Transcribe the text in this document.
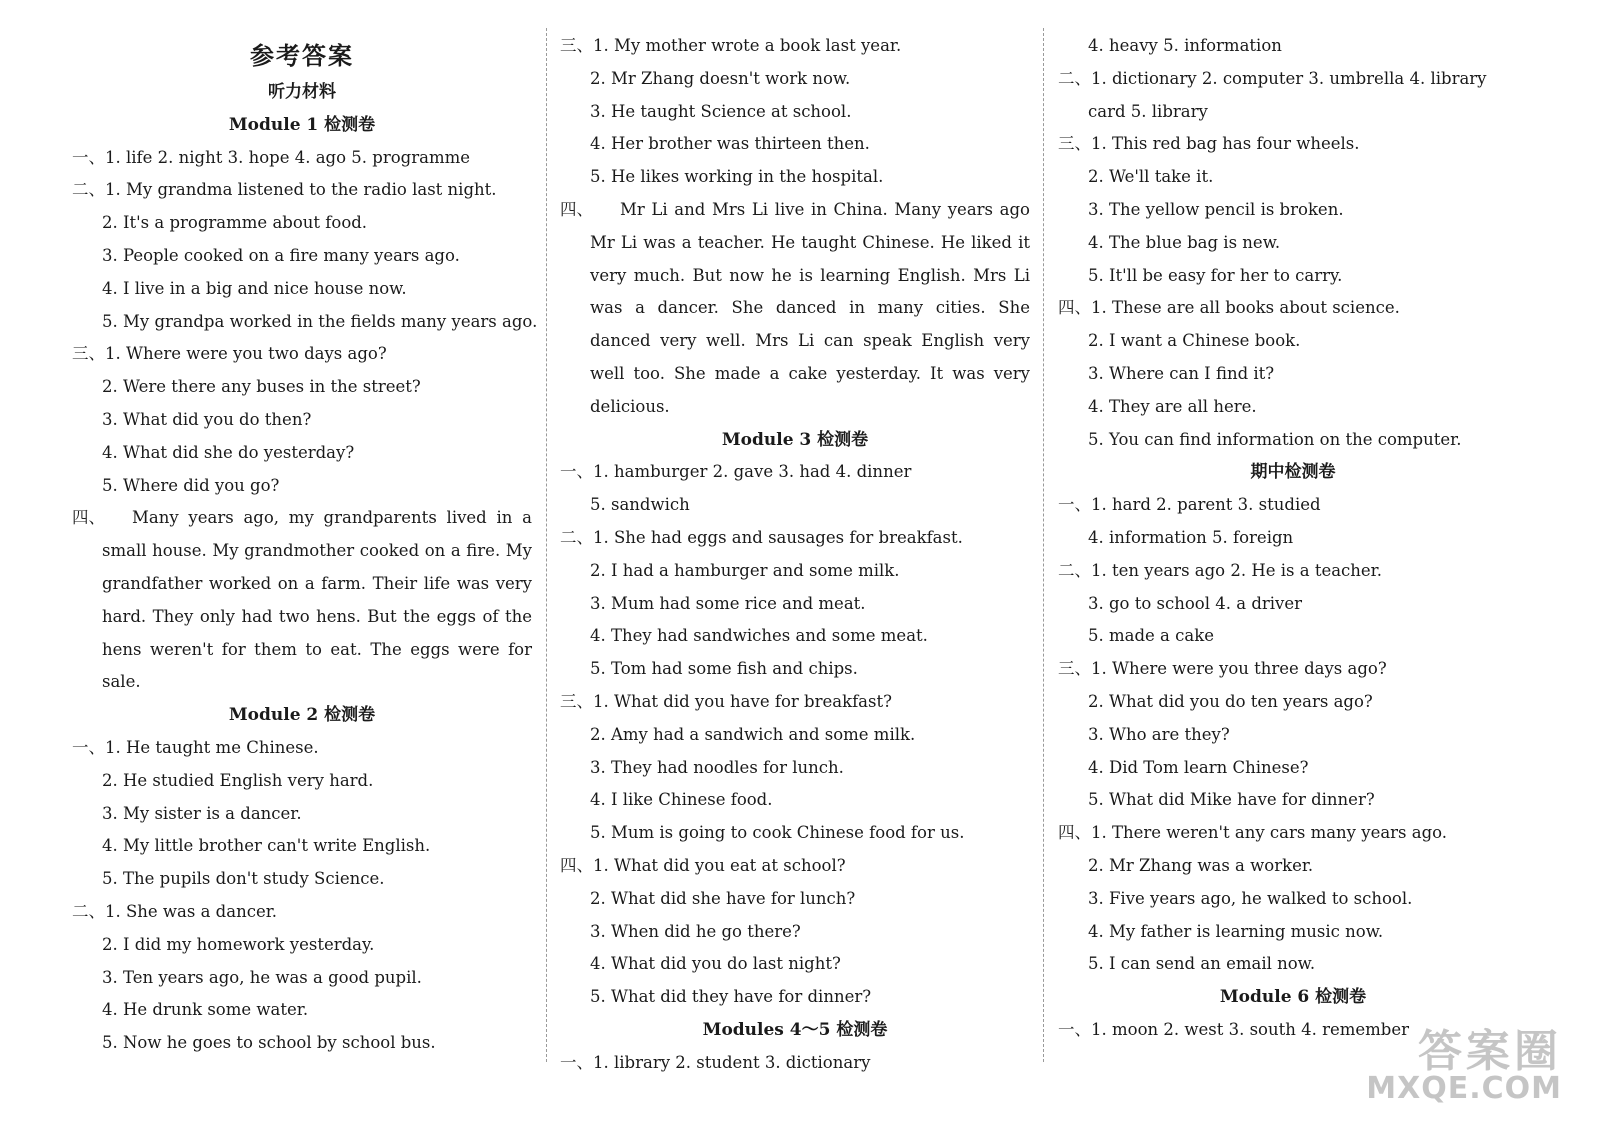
参考答案
听力材料
Module 1 检测卷
一、1. life 2. night 3. hope 4. ago 5. programme
二、1. My grandma listened to the radio last night.
2. It's a programme about food.
3. People cooked on a fire many years ago.
4. I live in a big and nice house now.
5. My grandpa worked in the fields many years ago.
三、1. Where were you two days ago?
2. Were there any buses in the street?
3. What did you do then?
4. What did she do yesterday?
5. Where did you go?
四、 Many years ago, my grandparents lived in a small house. My grandmother cooked on a fire. My grandfather worked on a farm. Their life was very hard. They only had two hens. But the eggs of the hens weren't for them to eat. The eggs were for sale.
Module 2 检测卷
一、1. He taught me Chinese.
2. He studied English very hard.
3. My sister is a dancer.
4. My little brother can't write English.
5. The pupils don't study Science.
二、1. She was a dancer.
2. I did my homework yesterday.
3. Ten years ago, he was a good pupil.
4. He drunk some water.
5. Now he goes to school by school bus.
三、1. My mother wrote a book last year.
2. Mr Zhang doesn't work now.
3. He taught Science at school.
4. Her brother was thirteen then.
5. He likes working in the hospital.
四、 Mr Li and Mrs Li live in China. Many years ago Mr Li was a teacher. He taught Chinese. He liked it very much. But now he is learning English. Mrs Li was a dancer. She danced in many cities. She danced very well. Mrs Li can speak English very well too. She made a cake yesterday. It was very delicious.
Module 3 检测卷
一、1. hamburger 2. gave 3. had 4. dinner
5. sandwich
二、1. She had eggs and sausages for breakfast.
2. I had a hamburger and some milk.
3. Mum had some rice and meat.
4. They had sandwiches and some meat.
5. Tom had some fish and chips.
三、1. What did you have for breakfast?
2. Amy had a sandwich and some milk.
3. They had noodles for lunch.
4. I like Chinese food.
5. Mum is going to cook Chinese food for us.
四、1. What did you eat at school?
2. What did she have for lunch?
3. When did he go there?
4. What did you do last night?
5. What did they have for dinner?
Modules 4～5 检测卷
一、1. library 2. student 3. dictionary
4. heavy 5. information
二、1. dictionary 2. computer 3. umbrella 4. library
card 5. library
三、1. This red bag has four wheels.
2. We'll take it.
3. The yellow pencil is broken.
4. The blue bag is new.
5. It'll be easy for her to carry.
四、1. These are all books about science.
2. I want a Chinese book.
3. Where can I find it?
4. They are all here.
5. You can find information on the computer.
期中检测卷
一、1. hard 2. parent 3. studied
4. information 5. foreign
二、1. ten years ago 2. He is a teacher.
3. go to school 4. a driver
5. made a cake
三、1. Where were you three days ago?
2. What did you do ten years ago?
3. Who are they?
4. Did Tom learn Chinese?
5. What did Mike have for dinner?
四、1. There weren't any cars many years ago.
2. Mr Zhang was a worker.
3. Five years ago, he walked to school.
4. My father is learning music now.
5. I can send an email now.
Module 6 检测卷
一、1. moon 2. west 3. south 4. remember 答案圈
MXQE.COM
